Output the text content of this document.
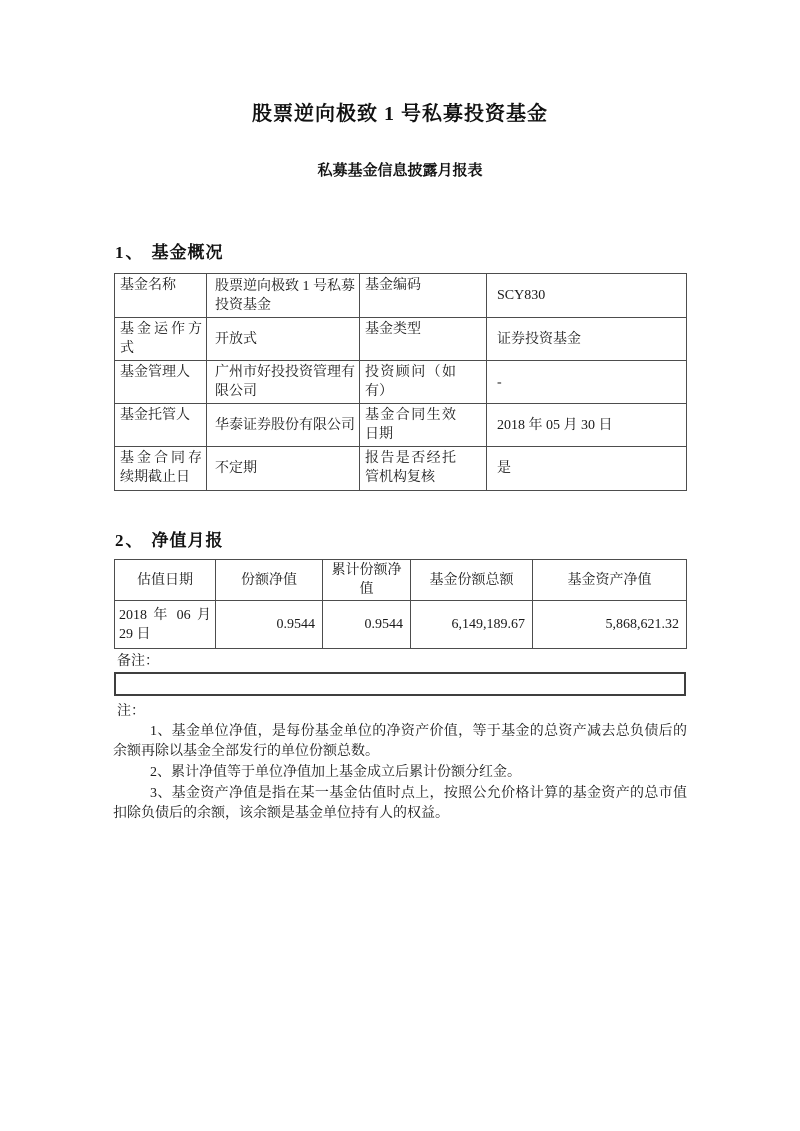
股票逆向极致 1 号私募投资基金
私募基金信息披露月报表
1、 基金概况
基金名称	股票逆向极致 1 号私募投资基金	基金编码	SCY830
基金运作方式	开放式	基金类型	证券投资基金
基金管理人	广州市好投投资管理有限公司	投资顾问（如有）	-
基金托管人	华泰证券股份有限公司	基金合同生效日期	2018 年 05 月 30 日
基金合同存续期截止日	不定期	报告是否经托管机构复核	是
2、 净值月报
估值日期	份额净值	累计份额净值	基金份额总额	基金资产净值
2018 年 06 月 29 日	0.9544	0.9544	6,149,189.67	5,868,621.32
备注：
注：
1、基金单位净值，是每份基金单位的净资产价值，等于基金的总资产减去总负债后的余额再除以基金全部发行的单位份额总数。
2、累计净值等于单位净值加上基金成立后累计份额分红金。
3、基金资产净值是指在某一基金估值时点上，按照公允价格计算的基金资产的总市值扣除负债后的余额，该余额是基金单位持有人的权益。
